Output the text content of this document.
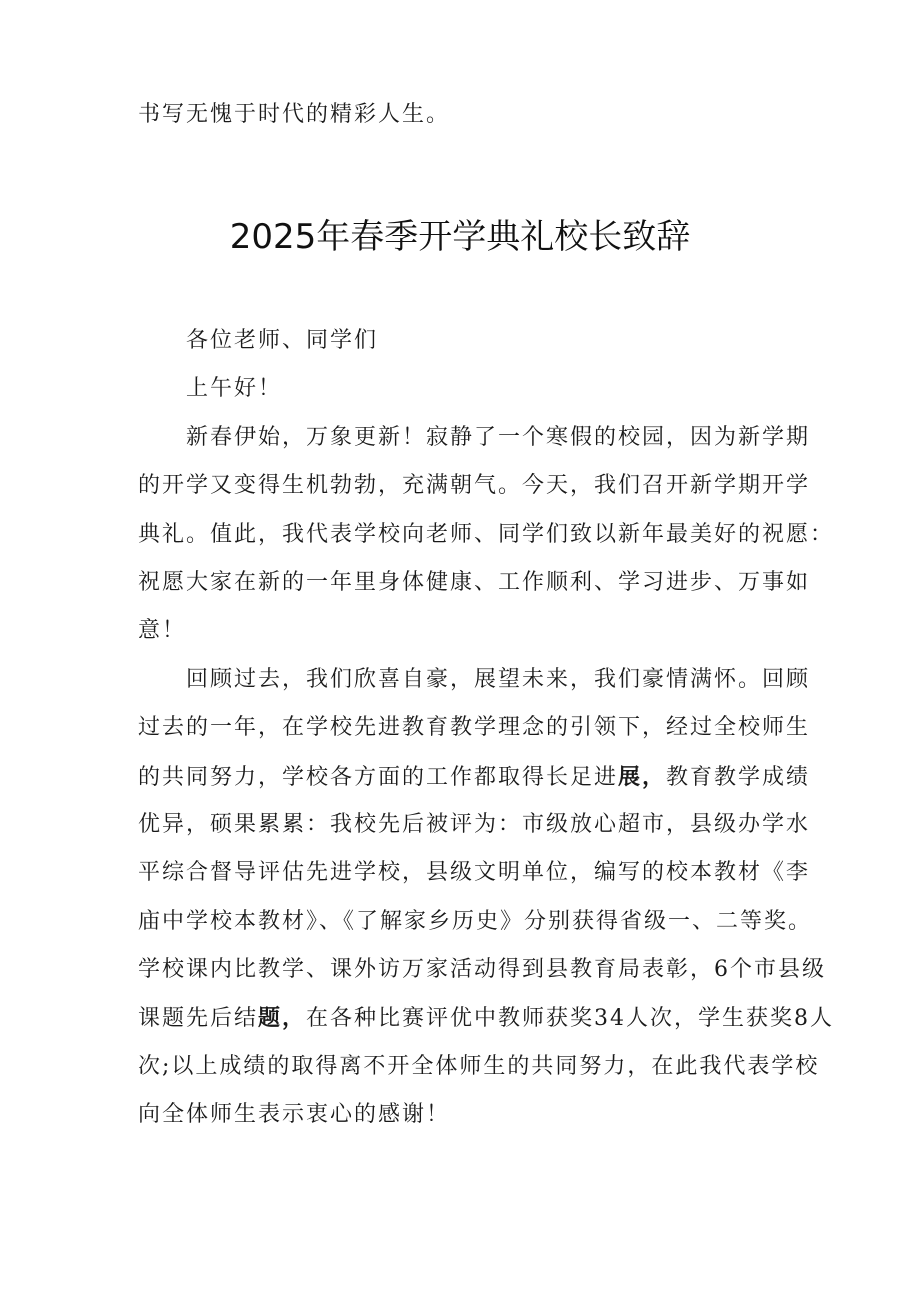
书写无愧于时代的精彩人生。
2025年春季开学典礼校长致辞
各位老师、同学们
上午好！
新春伊始，万象更新！寂静了一个寒假的校园，因为新学期
的开学又变得生机勃勃，充满朝气。今天，我们召开新学期开学
典礼。值此，我代表学校向老师、同学们致以新年最美好的祝愿：
祝愿大家在新的一年里身体健康、工作顺利、学习进步、万事如
意！
回顾过去，我们欣喜自豪，展望未来，我们豪情满怀。回顾
过去的一年，在学校先进教育教学理念的引领下，经过全校师生
的共同努力，学校各方面的工作都取得长足进展，教育教学成绩
优异，硕果累累：我校先后被评为：市级放心超市，县级办学水
平综合督导评估先进学校，县级文明单位，编写的校本教材《李
庙中学校本教材》、《了解家乡历史》分别获得省级一、二等奖。
学校课内比教学、课外访万家活动得到县教育局表彰，6个市县级
课题先后结题，在各种比赛评优中教师获奖34人次，学生获奖8人
次;以上成绩的取得离不开全体师生的共同努力，在此我代表学校
向全体师生表示衷心的感谢！
